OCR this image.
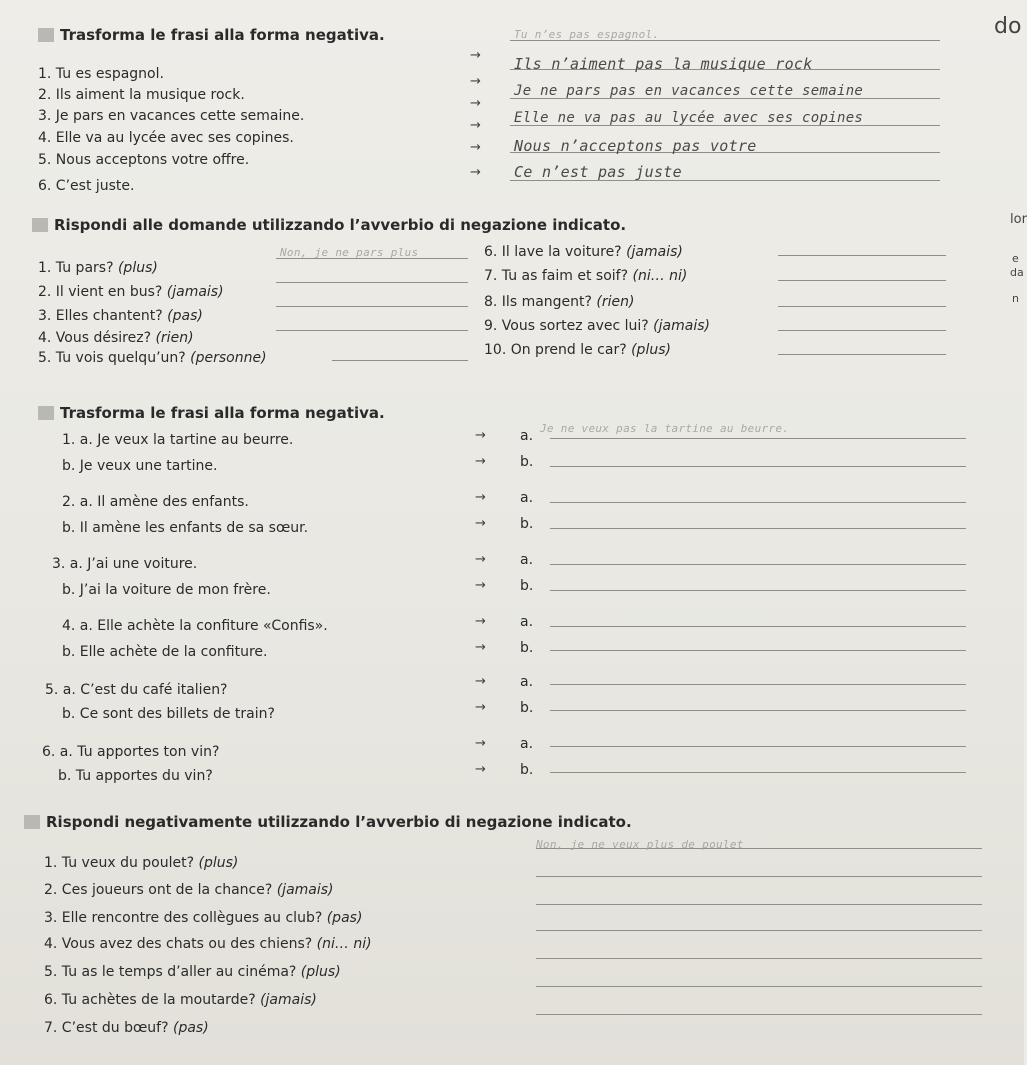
do
lor
e
da
n
Trasforma le frasi alla forma negativa.
1. Tu es espagnol.
2. Ils aiment la musique rock.
3. Je pars en vacances cette semaine.
4. Elle va au lycée avec ses copines.
5. Nous acceptons votre offre.
6. C’est juste.
→
→
→
→
→
→
Tu n’es pas espagnol.
Ils n’aiment pas la musique rock
Je ne pars pas en vacances cette semaine
Elle ne va pas au lycée avec ses copines
Nous n’acceptons pas votre
Ce n’est pas juste
Rispondi alle domande utilizzando l’avverbio di negazione indicato.
1. Tu pars? (plus)
2. Il vient en bus? (jamais)
3. Elles chantent? (pas)
4. Vous désirez? (rien)
5. Tu vois quelqu’un? (personne)
Non, je ne pars plus	6. Il lave la voiture? (jamais)
7. Tu as faim et soif? (ni… ni)
8. Ils mangent? (rien)
9. Vous sortez avec lui? (jamais)
10. On prend le car? (plus)
Trasforma le frasi alla forma negativa.
1. a. Je veux la tartine au beurre.
b. Je veux une tartine.
2. a. Il amène des enfants.
b. Il amène les enfants de sa sœur.
3. a. J’ai une voiture.
b. J’ai la voiture de mon frère.
4. a. Elle achète la confiture «Confis».
b. Elle achète de la confiture.
5. a. C’est du café italien?
b. Ce sont des billets de train?
6. a. Tu apportes ton vin?
b. Tu apportes du vin?
→
→
→
→
→
→
→
→
→
→
→
→
a.
b.
a.
b.
a.
b.
a.
b.
a.
b.
a.
b.
Je ne veux pas la tartine au beurre.
Rispondi negativamente utilizzando l’avverbio di negazione indicato.
1. Tu veux du poulet? (plus)
2. Ces joueurs ont de la chance? (jamais)
3. Elle rencontre des collègues au club? (pas)
4. Vous avez des chats ou des chiens? (ni… ni)
5. Tu as le temps d’aller au cinéma? (plus)
6. Tu achètes de la moutarde? (jamais)
7. C’est du bœuf? (pas)
Non, je ne veux plus de poulet
